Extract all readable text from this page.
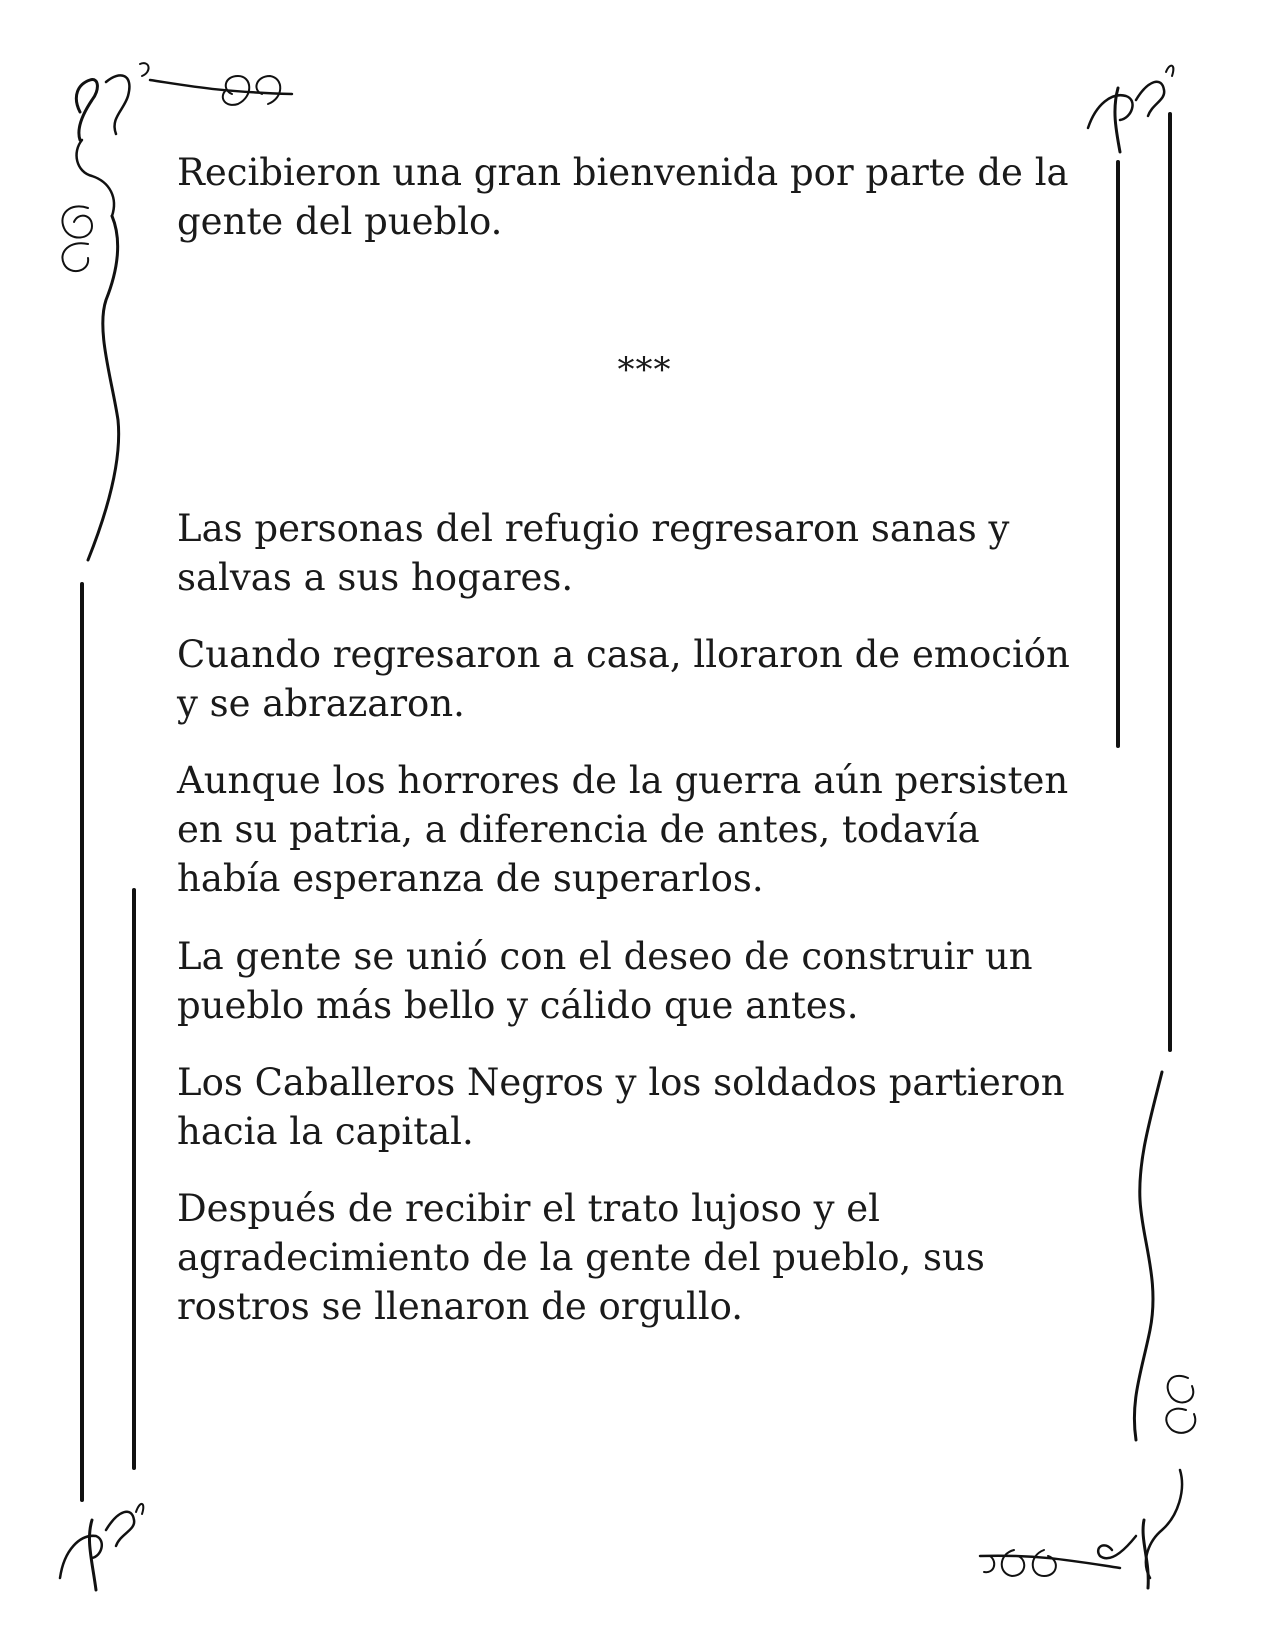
Recibieron una gran bienvenida por parte de la
gente del pueblo.

***

Las personas del refugio regresaron sanas y
salvas a sus hogares.

Cuando regresaron a casa, lloraron de emoción
y se abrazaron.

Aunque los horrores de la guerra aún persisten
en su patria, a diferencia de antes, todavía
había esperanza de superarlos.

La gente se unió con el deseo de construir un
pueblo más bello y cálido que antes.

Los Caballeros Negros y los soldados partieron
hacia la capital.

Después de recibir el trato lujoso y el
agradecimiento de la gente del pueblo, sus
rostros se llenaron de orgullo.
